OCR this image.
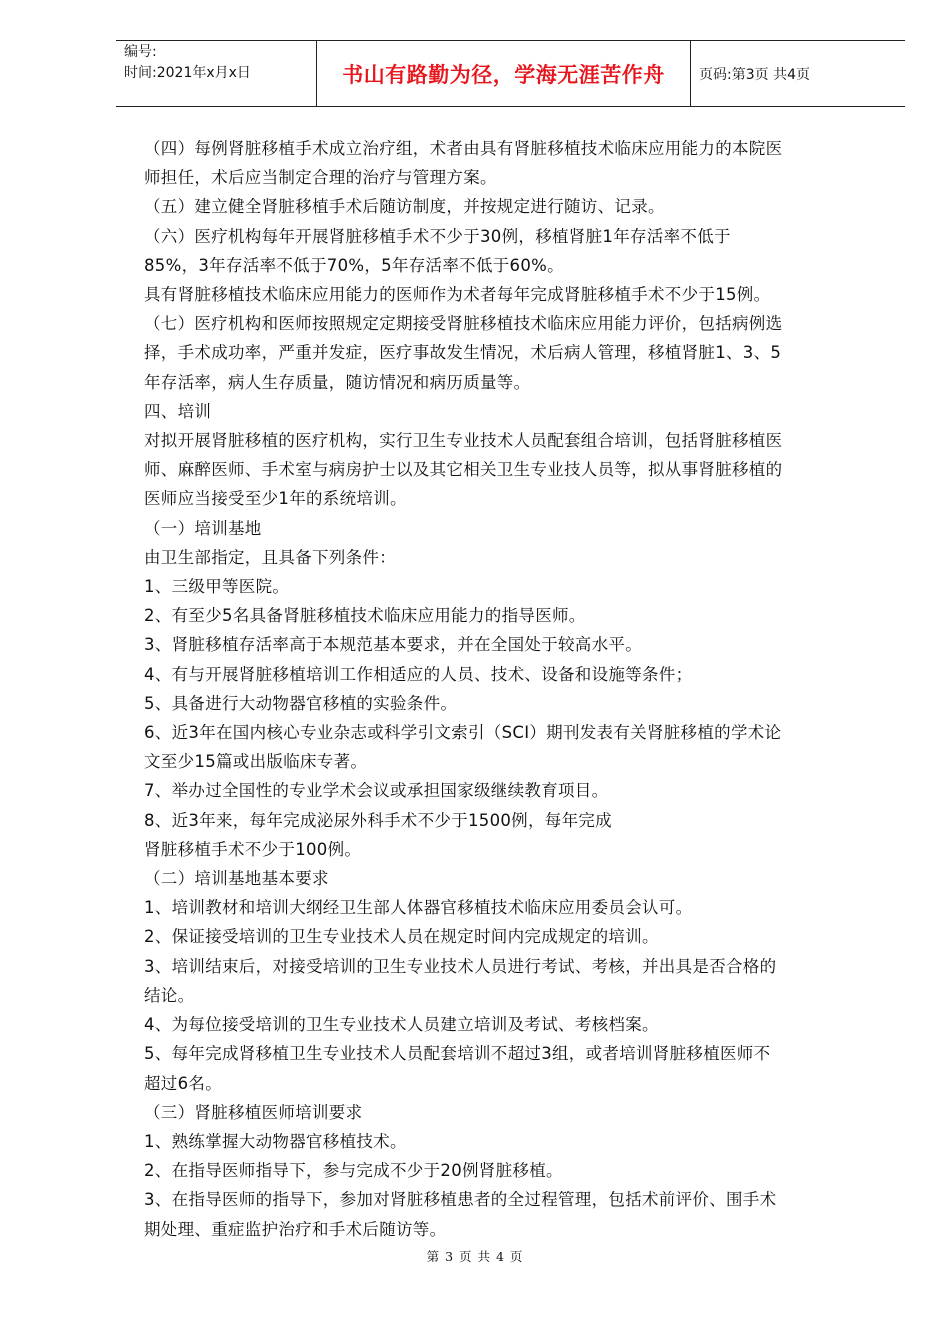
编号:
时间:2021年x月x日	书山有路勤为径，学海无涯苦作舟	页码:第3页 共4页

（四）每例肾脏移植手术成立治疗组，术者由具有肾脏移植技术临床应用能力的本院医

师担任，术后应当制定合理的治疗与管理方案。

（五）建立健全肾脏移植手术后随访制度，并按规定进行随访、记录。

（六）医疗机构每年开展肾脏移植手术不少于30例，移植肾脏1年存活率不低于

85%，3年存活率不低于70%，5年存活率不低于60%。

具有肾脏移植技术临床应用能力的医师作为术者每年完成肾脏移植手术不少于15例。

（七）医疗机构和医师按照规定定期接受肾脏移植技术临床应用能力评价，包括病例选

择，手术成功率，严重并发症，医疗事故发生情况，术后病人管理，移植肾脏1、3、5

年存活率，病人生存质量，随访情况和病历质量等。

四、培训

对拟开展肾脏移植的医疗机构，实行卫生专业技术人员配套组合培训，包括肾脏移植医

师、麻醉医师、手术室与病房护士以及其它相关卫生专业技人员等，拟从事肾脏移植的

医师应当接受至少1年的系统培训。

（一）培训基地

由卫生部指定，且具备下列条件：

1、三级甲等医院。

2、有至少5名具备肾脏移植技术临床应用能力的指导医师。

3、肾脏移植存活率高于本规范基本要求，并在全国处于较高水平。

4、有与开展肾脏移植培训工作相适应的人员、技术、设备和设施等条件；

5、具备进行大动物器官移植的实验条件。

6、近3年在国内核心专业杂志或科学引文索引（SCI）期刊发表有关肾脏移植的学术论

文至少15篇或出版临床专著。

7、举办过全国性的专业学术会议或承担国家级继续教育项目。

8、近3年来，每年完成泌尿外科手术不少于1500例，每年完成

肾脏移植手术不少于100例。

（二）培训基地基本要求

1、培训教材和培训大纲经卫生部人体器官移植技术临床应用委员会认可。

2、保证接受培训的卫生专业技术人员在规定时间内完成规定的培训。

3、培训结束后，对接受培训的卫生专业技术人员进行考试、考核，并出具是否合格的

结论。

4、为每位接受培训的卫生专业技术人员建立培训及考试、考核档案。

5、每年完成肾移植卫生专业技术人员配套培训不超过3组，或者培训肾脏移植医师不

超过6名。

（三）肾脏移植医师培训要求

1、熟练掌握大动物器官移植技术。

2、在指导医师指导下，参与完成不少于20例肾脏移植。

3、在指导医师的指导下，参加对肾脏移植患者的全过程管理，包括术前评价、围手术

期处理、重症监护治疗和手术后随访等。

第 3 页 共 4 页
